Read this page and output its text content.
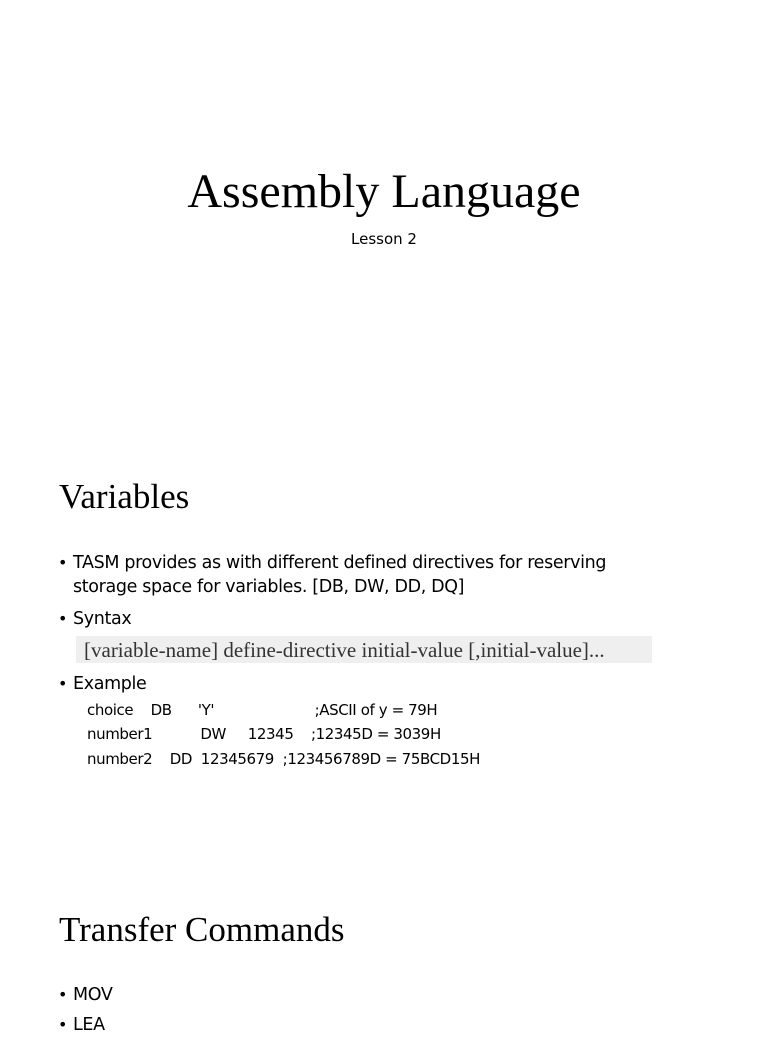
Assembly Language
Lesson 2
Variables
• TASM provides as with different defined directives for reserving
storage space for variables. [DB, DW, DD, DQ]
• Syntax
[variable-name] define-directive initial-value [,initial-value]...
• Example
choice    DB      'Y'                       ;ASCII of y = 79H
number1           DW     12345    ;12345D = 3039H
number2    DD  12345679  ;123456789D = 75BCD15H
Transfer Commands
• MOV
• LEA
